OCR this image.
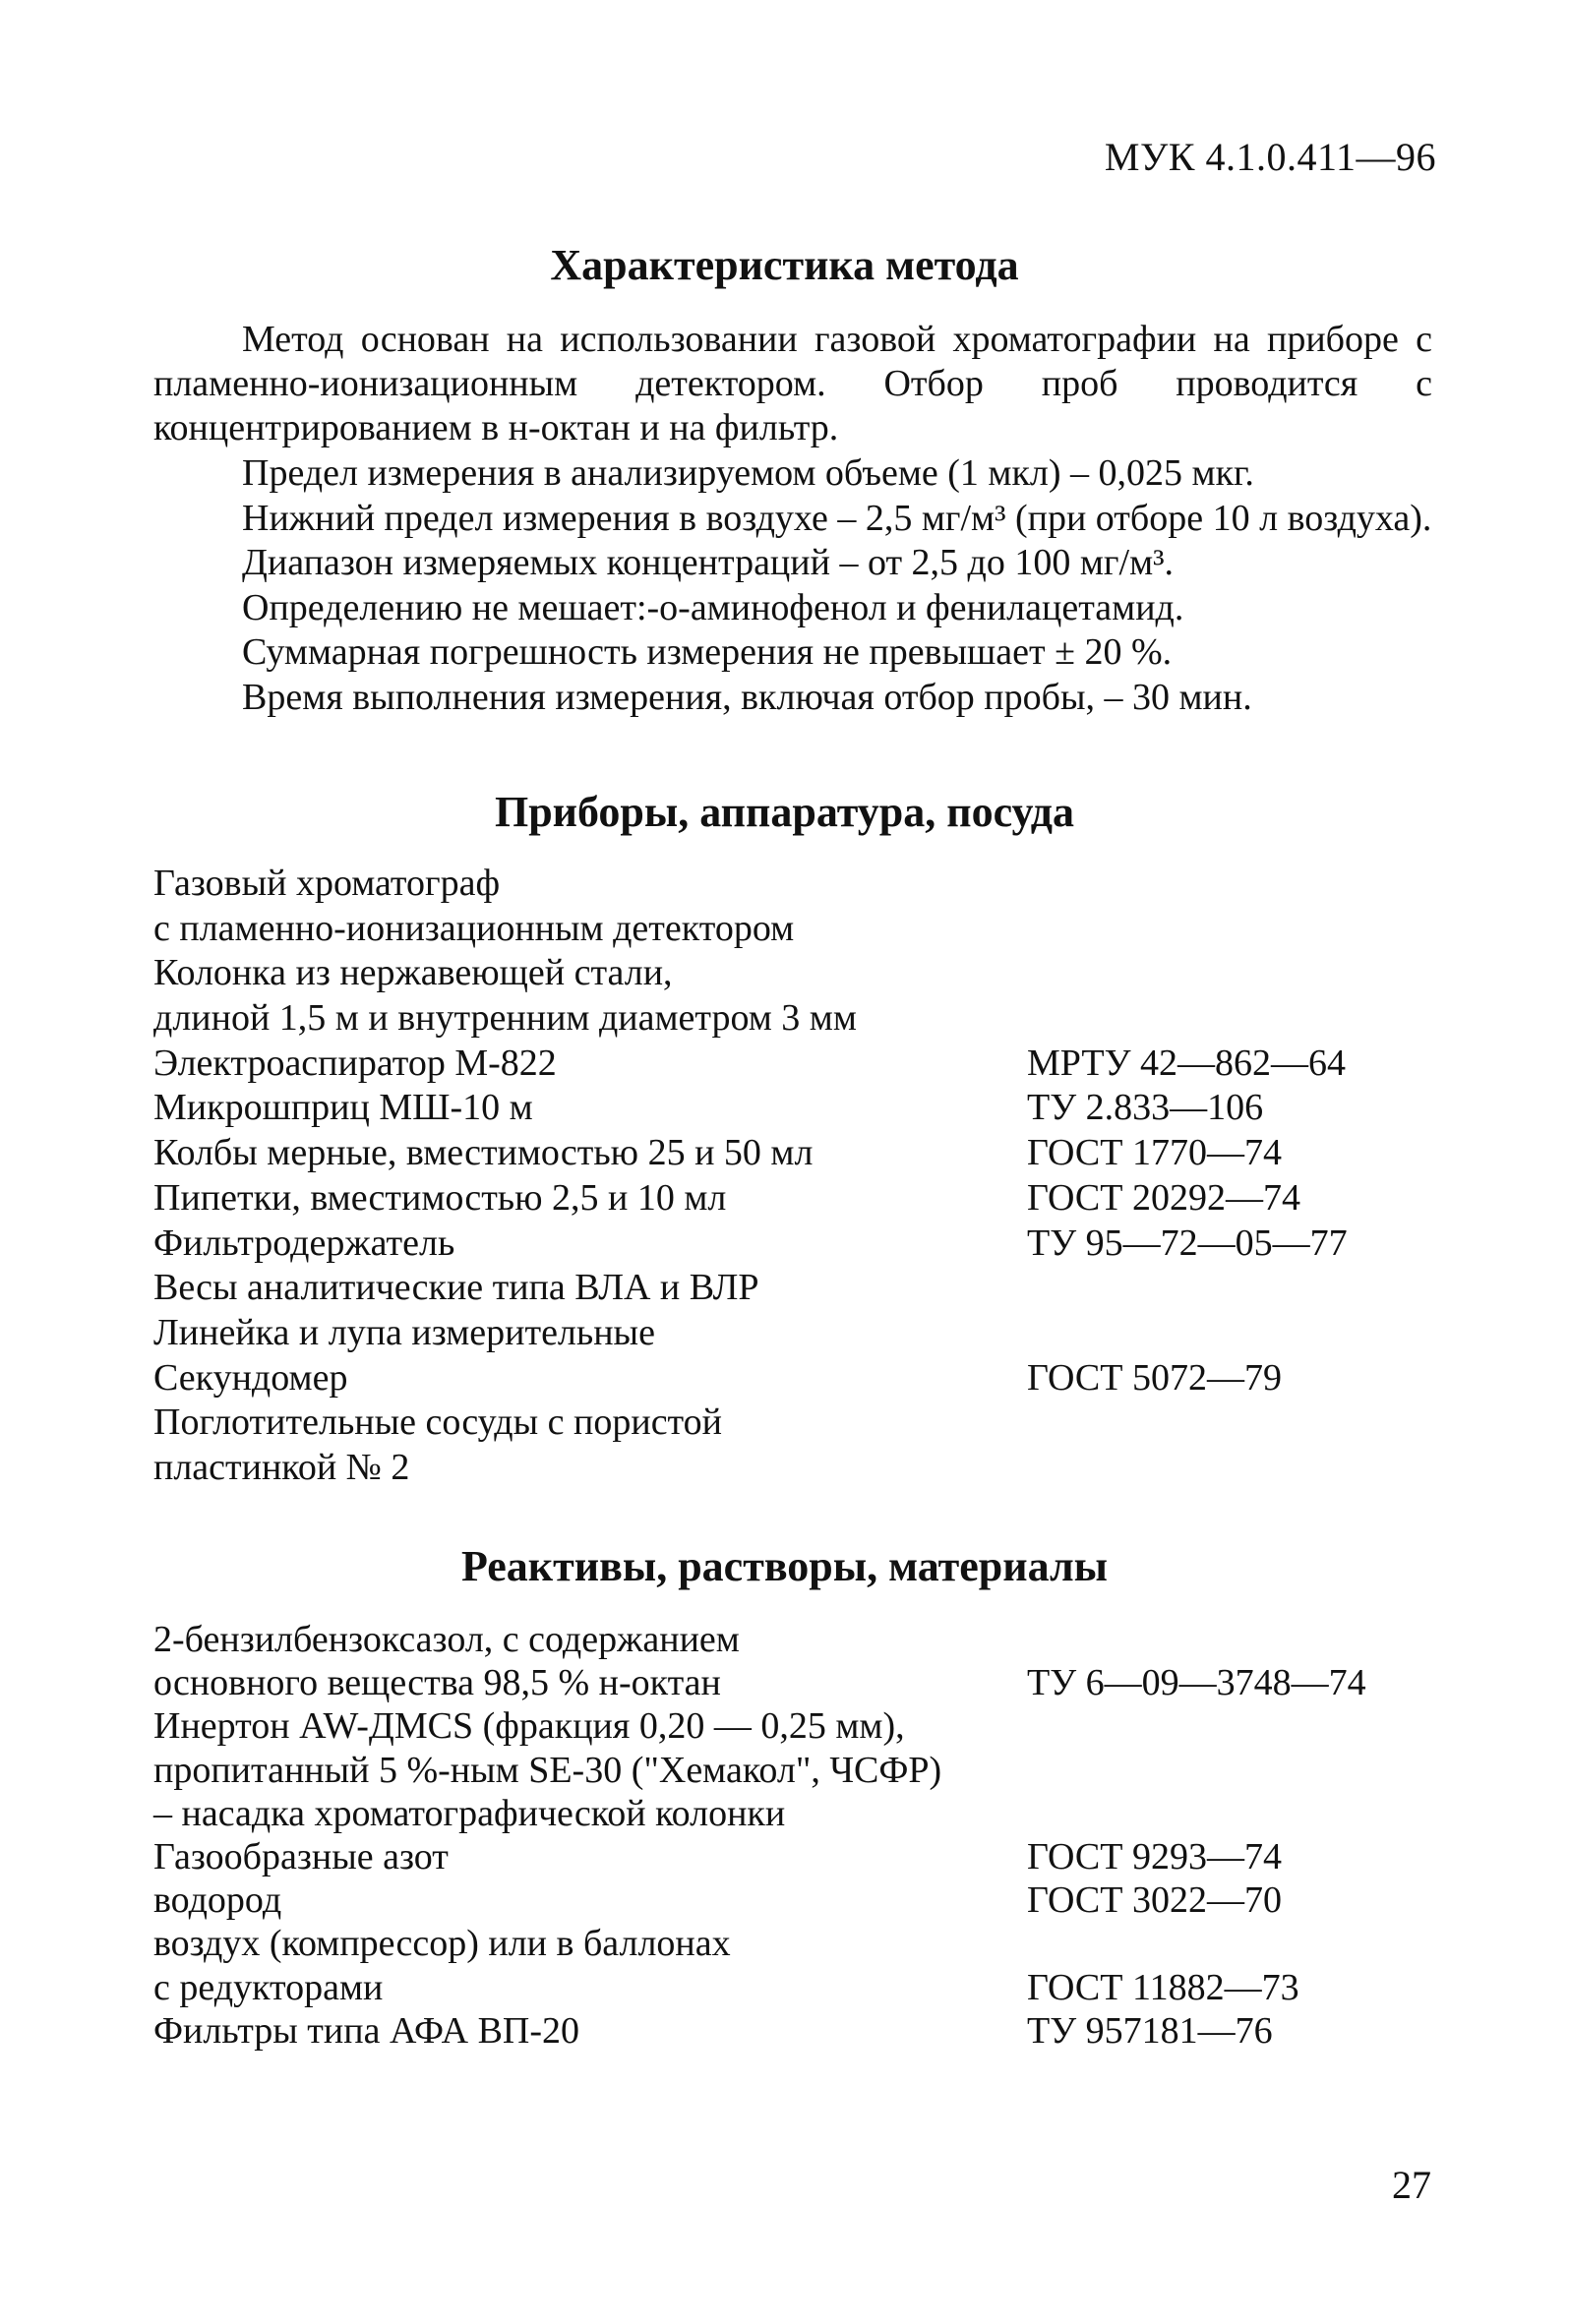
МУК 4.1.0.411—96
Характеристика метода
Метод основан на использовании газовой хроматографии на приборе с пламенно-ионизационным детектором. Отбор проб проводится с концентрированием в н-октан и на фильтр.
Предел измерения в анализируемом объеме (1 мкл) – 0,025 мкг.
Нижний предел измерения в воздухе – 2,5 мг/м³ (при отборе 10 л воздуха).
Диапазон измеряемых концентраций – от 2,5 до 100 мг/м³.
Определению не мешает:-о-аминофенол и фенилацетамид.
Суммарная погрешность измерения не превышает ± 20 %.
Время выполнения измерения, включая отбор пробы, – 30 мин.
Приборы, аппаратура, посуда
Газовый хроматограф
с пламенно-ионизационным детектором
Колонка из нержавеющей стали,
длиной 1,5 м и внутренним диаметром 3 мм
Электроаспиратор М-822	МРТУ 42—862—64
Микрошприц МШ-10 м	ТУ 2.833—106
Колбы мерные, вместимостью 25 и 50 мл	ГОСТ 1770—74
Пипетки, вместимостью 2,5 и 10 мл	ГОСТ 20292—74
Фильтродержатель	ТУ 95—72—05—77
Весы аналитические типа ВЛА и ВЛР
Линейка и лупа измерительные
Секундомер	ГОСТ 5072—79
Поглотительные сосуды с пористой
пластинкой № 2
Реактивы, растворы, материалы
2-бензилбензоксазол, с содержанием
основного вещества 98,5 % н-октан	ТУ 6—09—3748—74
Инертон AW-ДМCS (фракция 0,20 — 0,25 мм),
пропитанный 5 %-ным SE-30 ("Хемакол", ЧСФР)
– насадка хроматографической колонки
Газообразные азот	ГОСТ 9293—74
водород	ГОСТ 3022—70
воздух (компрессор) или в баллонах
с редукторами	ГОСТ 11882—73
Фильтры типа АФА ВП-20	ТУ 957181—76
27
